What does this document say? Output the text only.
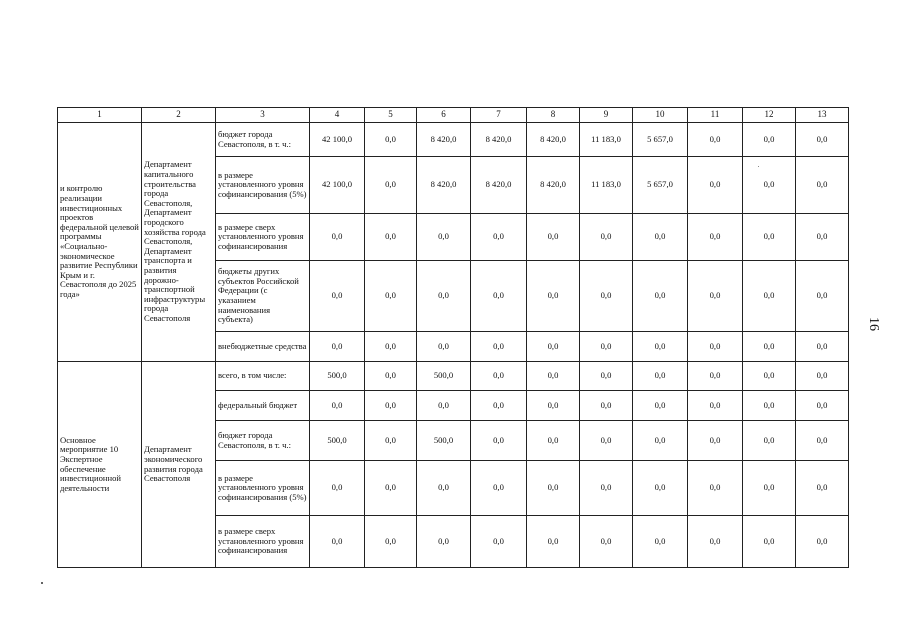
1	2	3	4	5	6	7	8	9	10	11	12	13
и контролю реализации инвестиционных проектов федеральной целевой программы «Социально-экономическое развитие Республики Крым и г. Севастополя до 2025 года»	Департамент капитального строительства города Севастополя, Департамент городского хозяйства города Севастополя, Департамент транспорта и развития дорожно-транспортной инфраструктуры города Севастополя	бюджет города Севастополя, в т. ч.:	42 100,0	0,0	8 420,0	8 420,0	8 420,0	11 183,0	5 657,0	0,0	0,0	0,0
		в размере установленного уровня софинансирования (5%)	42 100,0	0,0	8 420,0	8 420,0	8 420,0	11 183,0	5 657,0	0,0	0,0	0,0
		в размере сверх установленного уровня софинансирования	0,0	0,0	0,0	0,0	0,0	0,0	0,0	0,0	0,0	0,0
		бюджеты других субъектов Российской Федерации (с указанием наименования субъекта)	0,0	0,0	0,0	0,0	0,0	0,0	0,0	0,0	0,0	0,0
		внебюджетные средства	0,0	0,0	0,0	0,0	0,0	0,0	0,0	0,0	0,0	0,0
Основное мероприятие 10 Экспертное обеспечение инвестиционной деятельности	Департамент экономического развития города Севастополя	всего, в том числе:	500,0	0,0	500,0	0,0	0,0	0,0	0,0	0,0	0,0	0,0
		федеральный бюджет	0,0	0,0	0,0	0,0	0,0	0,0	0,0	0,0	0,0	0,0
		бюджет города Севастополя, в т. ч.:	500,0	0,0	500,0	0,0	0,0	0,0	0,0	0,0	0,0	0,0
		в размере установленного уровня софинансирования (5%)	0,0	0,0	0,0	0,0	0,0	0,0	0,0	0,0	0,0	0,0
		в размере сверх установленного уровня софинансирования	0,0	0,0	0,0	0,0	0,0	0,0	0,0	0,0	0,0	0,0
16
